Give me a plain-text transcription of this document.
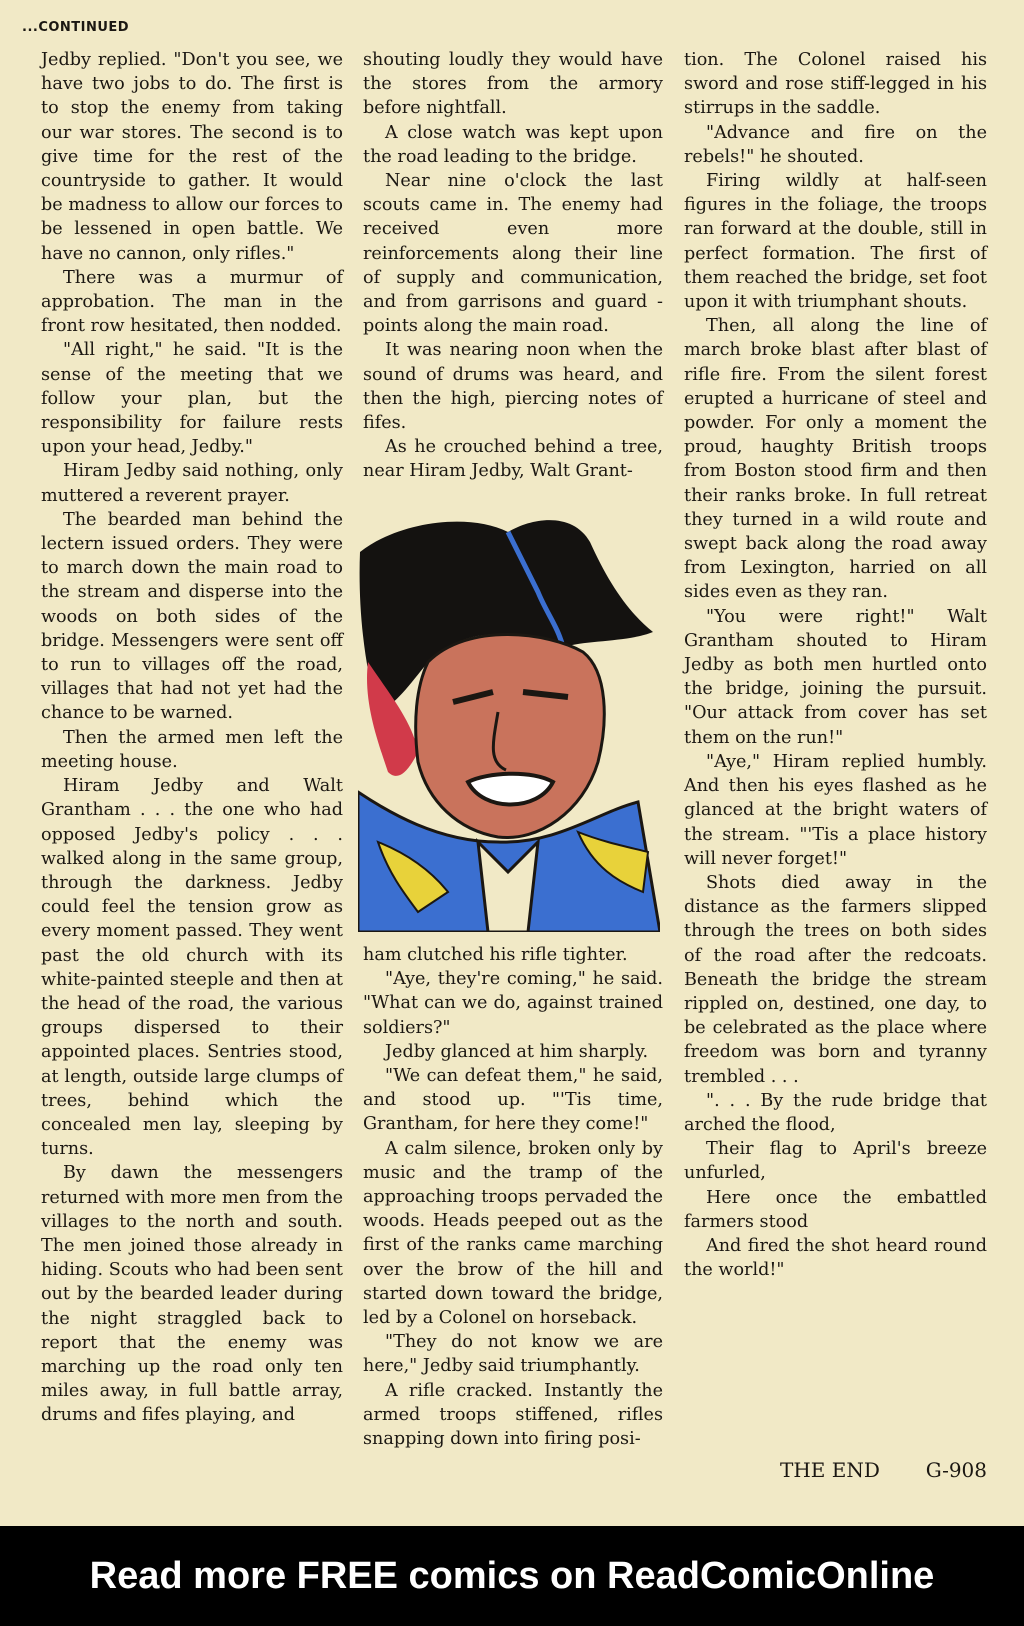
...CONTINUED

Jedby replied. "Don't you see, we have two jobs to do. The first is to stop the enemy from taking our war stores. The second is to give time for the rest of the countryside to gather. It would be madness to allow our forces to be lessened in open battle. We have no cannon, only rifles."

There was a murmur of approbation. The man in the front row hesitated, then nodded.

"All right," he said. "It is the sense of the meeting that we follow your plan, but the responsibility for failure rests upon your head, Jedby."

Hiram Jedby said nothing, only muttered a reverent prayer.

The bearded man behind the lectern issued orders. They were to march down the main road to the stream and disperse into the woods on both sides of the bridge. Messengers were sent off to run to villages off the road, villages that had not yet had the chance to be warned.

Then the armed men left the meeting house.

Hiram Jedby and Walt Grantham . . . the one who had opposed Jedby's policy . . . walked along in the same group, through the darkness. Jedby could feel the tension grow as every moment passed. They went past the old church with its white-painted steeple and then at the head of the road, the various groups dispersed to their appointed places. Sentries stood, at length, outside large clumps of trees, behind which the concealed men lay, sleeping by turns.

By dawn the messengers returned with more men from the villages to the north and south. The men joined those already in hiding. Scouts who had been sent out by the bearded leader during the night straggled back to report that the enemy was marching up the road only ten miles away, in full battle array, drums and fifes playing, and

shouting loudly they would have the stores from the armory before nightfall.

A close watch was kept upon the road leading to the bridge.

Near nine o'clock the last scouts came in. The enemy had received even more reinforcements along their line of supply and communication, and from garrisons and guard - points along the main road.

It was nearing noon when the sound of drums was heard, and then the high, piercing notes of fifes.

As he crouched behind a tree, near Hiram Jedby, Walt Grant-

ham clutched his rifle tighter.

"Aye, they're coming," he said. "What can we do, against trained soldiers?"

Jedby glanced at him sharply.

"We can defeat them," he said, and stood up. "'Tis time, Grantham, for here they come!"

A calm silence, broken only by music and the tramp of the approaching troops pervaded the woods. Heads peeped out as the first of the ranks came marching over the brow of the hill and started down toward the bridge, led by a Colonel on horseback.

"They do not know we are here," Jedby said triumphantly.

A rifle cracked. Instantly the armed troops stiffened, rifles snapping down into firing posi-

tion. The Colonel raised his sword and rose stiff-legged in his stirrups in the saddle.

"Advance and fire on the rebels!" he shouted.

Firing wildly at half-seen figures in the foliage, the troops ran forward at the double, still in perfect formation. The first of them reached the bridge, set foot upon it with triumphant shouts.

Then, all along the line of march broke blast after blast of rifle fire. From the silent forest erupted a hurricane of steel and powder. For only a moment the proud, haughty British troops from Boston stood firm and then their ranks broke. In full retreat they turned in a wild route and swept back along the road away from Lexington, harried on all sides even as they ran.

"You were right!" Walt Grantham shouted to Hiram Jedby as both men hurtled onto the bridge, joining the pursuit. "Our attack from cover has set them on the run!"

"Aye," Hiram replied humbly. And then his eyes flashed as he glanced at the bright waters of the stream. "'Tis a place history will never forget!"

Shots died away in the distance as the farmers slipped through the trees on both sides of the road after the redcoats. Beneath the bridge the stream rippled on, destined, one day, to be celebrated as the place where freedom was born and tyranny trembled . . .

". . . By the rude bridge that arched the flood,

Their flag to April's breeze unfurled,

Here once the embattled farmers stood

And fired the shot heard round the world!"

THE END G-908
Read more FREE comics on ReadComicOnline
